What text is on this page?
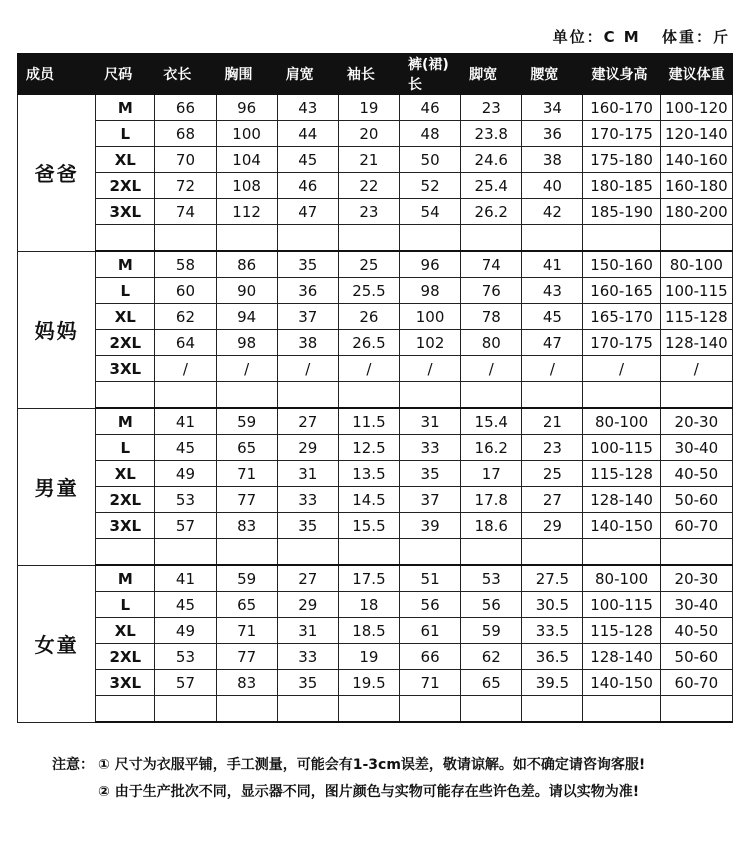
单位：C M 体重：斤
成员	尺码	衣长	胸围	肩宽	袖长	裤(裙)长	脚宽	腰宽	建议身高	建议体重
爸爸	M	66	96	43	19	46	23	34	160-170	100-120
	L	68	100	44	20	48	23.8	36	170-175	120-140
	XL	70	104	45	21	50	24.6	38	175-180	140-160
	2XL	72	108	46	22	52	25.4	40	180-185	160-180
	3XL	74	112	47	23	54	26.2	42	185-190	180-200

妈妈	M	58	86	35	25	96	74	41	150-160	80-100
	L	60	90	36	25.5	98	76	43	160-165	100-115
	XL	62	94	37	26	100	78	45	165-170	115-128
	2XL	64	98	38	26.5	102	80	47	170-175	128-140
	3XL	/	/	/	/	/	/	/	/	/

男童	M	41	59	27	11.5	31	15.4	21	80-100	20-30
	L	45	65	29	12.5	33	16.2	23	100-115	30-40
	XL	49	71	31	13.5	35	17	25	115-128	40-50
	2XL	53	77	33	14.5	37	17.8	27	128-140	50-60
	3XL	57	83	35	15.5	39	18.6	29	140-150	60-70

女童	M	41	59	27	17.5	51	53	27.5	80-100	20-30
	L	45	65	29	18	56	56	30.5	100-115	30-40
	XL	49	71	31	18.5	61	59	33.5	115-128	40-50
	2XL	53	77	33	19	66	62	36.5	128-140	50-60
	3XL	57	83	35	19.5	71	65	39.5	140-150	60-70

注意： ① 尺寸为衣服平铺，手工测量，可能会有1-3cm误差，敬请谅解。如不确定请咨询客服!
② 由于生产批次不同，显示器不同，图片颜色与实物可能存在些许色差。请以实物为准!
